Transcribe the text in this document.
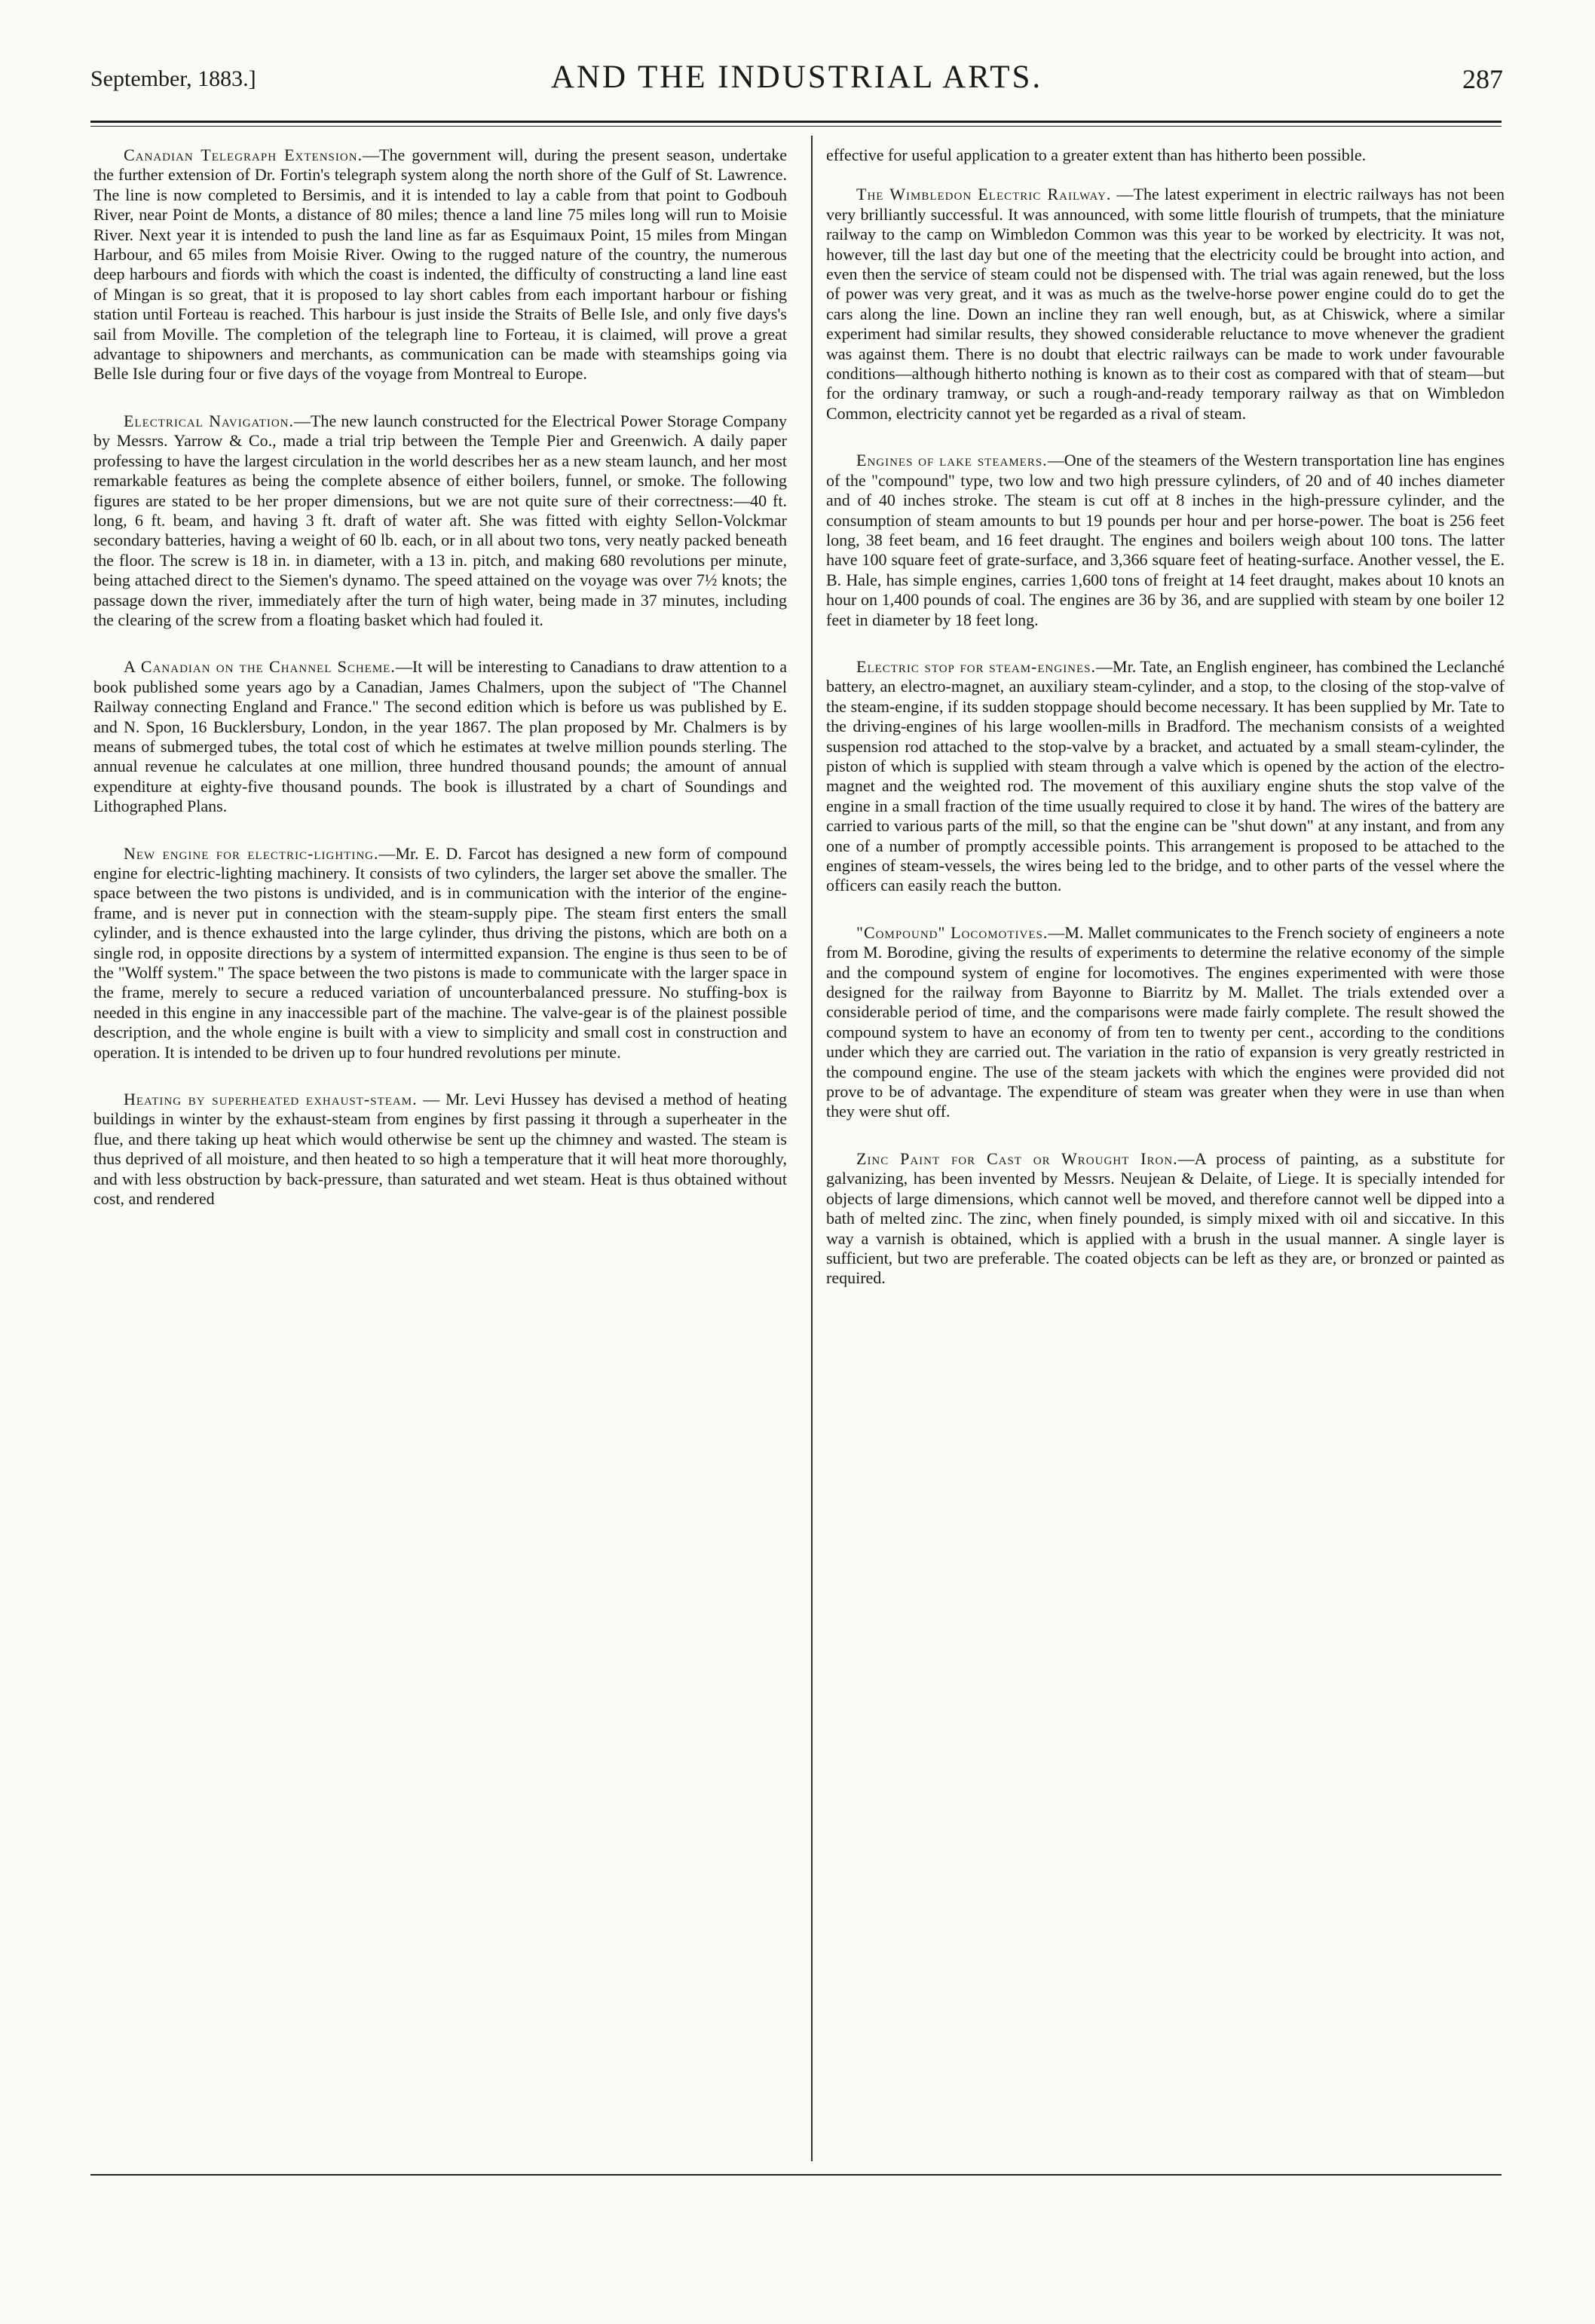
September, 1883.]	AND THE INDUSTRIAL ARTS.	287

Canadian Telegraph Extension.—The government will, during the present season, undertake the further extension of Dr. Fortin's telegraph system along the north shore of the Gulf of St. Lawrence. The line is now completed to Bersimis, and it is intended to lay a cable from that point to Godbouh River, near Point de Monts, a distance of 80 miles; thence a land line 75 miles long will run to Moisie River. Next year it is intended to push the land line as far as Esquimaux Point, 15 miles from Mingan Harbour, and 65 miles from Moisie River. Owing to the rugged nature of the country, the numerous deep harbours and fiords with which the coast is indented, the difficulty of constructing a land line east of Mingan is so great, that it is proposed to lay short cables from each important harbour or fishing station until Forteau is reached. This harbour is just inside the Straits of Belle Isle, and only five days's sail from Moville. The completion of the telegraph line to Forteau, it is claimed, will prove a great advantage to shipowners and merchants, as communication can be made with steamships going via Belle Isle during four or five days of the voyage from Montreal to Europe.

Electrical Navigation.—The new launch constructed for the Electrical Power Storage Company by Messrs. Yarrow & Co., made a trial trip between the Temple Pier and Greenwich. A daily paper professing to have the largest circulation in the world describes her as a new steam launch, and her most remarkable features as being the complete absence of either boilers, funnel, or smoke. The following figures are stated to be her proper dimensions, but we are not quite sure of their correctness:—40 ft. long, 6 ft. beam, and having 3 ft. draft of water aft. She was fitted with eighty Sellon-Volckmar secondary batteries, having a weight of 60 lb. each, or in all about two tons, very neatly packed beneath the floor. The screw is 18 in. in diameter, with a 13 in. pitch, and making 680 revolutions per minute, being attached direct to the Siemen's dynamo. The speed attained on the voyage was over 7½ knots; the passage down the river, immediately after the turn of high water, being made in 37 minutes, including the clearing of the screw from a floating basket which had fouled it.

A Canadian on the Channel Scheme.—It will be interesting to Canadians to draw attention to a book published some years ago by a Canadian, James Chalmers, upon the subject of "The Channel Railway connecting England and France." The second edition which is before us was published by E. and N. Spon, 16 Bucklersbury, London, in the year 1867. The plan proposed by Mr. Chalmers is by means of submerged tubes, the total cost of which he estimates at twelve million pounds sterling. The annual revenue he calculates at one million, three hundred thousand pounds; the amount of annual expenditure at eighty-five thousand pounds. The book is illustrated by a chart of Soundings and Lithographed Plans.

New engine for electric-lighting.—Mr. E. D. Farcot has designed a new form of compound engine for electric-lighting machinery. It consists of two cylinders, the larger set above the smaller. The space between the two pistons is undivided, and is in communication with the interior of the engine-frame, and is never put in connection with the steam-supply pipe. The steam first enters the small cylinder, and is thence exhausted into the large cylinder, thus driving the pistons, which are both on a single rod, in opposite directions by a system of intermitted expansion. The engine is thus seen to be of the "Wolff system." The space between the two pistons is made to communicate with the larger space in the frame, merely to secure a reduced variation of uncounterbalanced pressure. No stuffing-box is needed in this engine in any inaccessible part of the machine. The valve-gear is of the plainest possible description, and the whole engine is built with a view to simplicity and small cost in construction and operation. It is intended to be driven up to four hundred revolutions per minute.

Heating by superheated exhaust-steam. — Mr. Levi Hussey has devised a method of heating buildings in winter by the exhaust-steam from engines by first passing it through a superheater in the flue, and there taking up heat which would otherwise be sent up the chimney and wasted. The steam is thus deprived of all moisture, and then heated to so high a temperature that it will heat more thoroughly, and with less obstruction by back-pressure, than saturated and wet steam. Heat is thus obtained without cost, and rendered

effective for useful application to a greater extent than has hitherto been possible.

The Wimbledon Electric Railway. —The latest experiment in electric railways has not been very brilliantly successful. It was announced, with some little flourish of trumpets, that the miniature railway to the camp on Wimbledon Common was this year to be worked by electricity. It was not, however, till the last day but one of the meeting that the electricity could be brought into action, and even then the service of steam could not be dispensed with. The trial was again renewed, but the loss of power was very great, and it was as much as the twelve-horse power engine could do to get the cars along the line. Down an incline they ran well enough, but, as at Chiswick, where a similar experiment had similar results, they showed considerable reluctance to move whenever the gradient was against them. There is no doubt that electric railways can be made to work under favourable conditions—although hitherto nothing is known as to their cost as compared with that of steam—but for the ordinary tramway, or such a rough-and-ready temporary railway as that on Wimbledon Common, electricity cannot yet be regarded as a rival of steam.

Engines of lake steamers.—One of the steamers of the Western transportation line has engines of the "compound" type, two low and two high pressure cylinders, of 20 and of 40 inches diameter and of 40 inches stroke. The steam is cut off at 8 inches in the high-pressure cylinder, and the consumption of steam amounts to but 19 pounds per hour and per horse-power. The boat is 256 feet long, 38 feet beam, and 16 feet draught. The engines and boilers weigh about 100 tons. The latter have 100 square feet of grate-surface, and 3,366 square feet of heating-surface. Another vessel, the E. B. Hale, has simple engines, carries 1,600 tons of freight at 14 feet draught, makes about 10 knots an hour on 1,400 pounds of coal. The engines are 36 by 36, and are supplied with steam by one boiler 12 feet in diameter by 18 feet long.

Electric stop for steam-engines.—Mr. Tate, an English engineer, has combined the Leclanché battery, an electro-magnet, an auxiliary steam-cylinder, and a stop, to the closing of the stop-valve of the steam-engine, if its sudden stoppage should become necessary. It has been supplied by Mr. Tate to the driving-engines of his large woollen-mills in Bradford. The mechanism consists of a weighted suspension rod attached to the stop-valve by a bracket, and actuated by a small steam-cylinder, the piston of which is supplied with steam through a valve which is opened by the action of the electro-magnet and the weighted rod. The movement of this auxiliary engine shuts the stop valve of the engine in a small fraction of the time usually required to close it by hand. The wires of the battery are carried to various parts of the mill, so that the engine can be "shut down" at any instant, and from any one of a number of promptly accessible points. This arrangement is proposed to be attached to the engines of steam-vessels, the wires being led to the bridge, and to other parts of the vessel where the officers can easily reach the button.

"Compound" Locomotives.—M. Mallet communicates to the French society of engineers a note from M. Borodine, giving the results of experiments to determine the relative economy of the simple and the compound system of engine for locomotives. The engines experimented with were those designed for the railway from Bayonne to Biarritz by M. Mallet. The trials extended over a considerable period of time, and the comparisons were made fairly complete. The result showed the compound system to have an economy of from ten to twenty per cent., according to the conditions under which they are carried out. The variation in the ratio of expansion is very greatly restricted in the compound engine. The use of the steam jackets with which the engines were provided did not prove to be of advantage. The expenditure of steam was greater when they were in use than when they were shut off.

Zinc Paint for Cast or Wrought Iron.—A process of painting, as a substitute for galvanizing, has been invented by Messrs. Neujean & Delaite, of Liege. It is specially intended for objects of large dimensions, which cannot well be moved, and therefore cannot well be dipped into a bath of melted zinc. The zinc, when finely pounded, is simply mixed with oil and siccative. In this way a varnish is obtained, which is applied with a brush in the usual manner. A single layer is sufficient, but two are preferable. The coated objects can be left as they are, or bronzed or painted as required.
